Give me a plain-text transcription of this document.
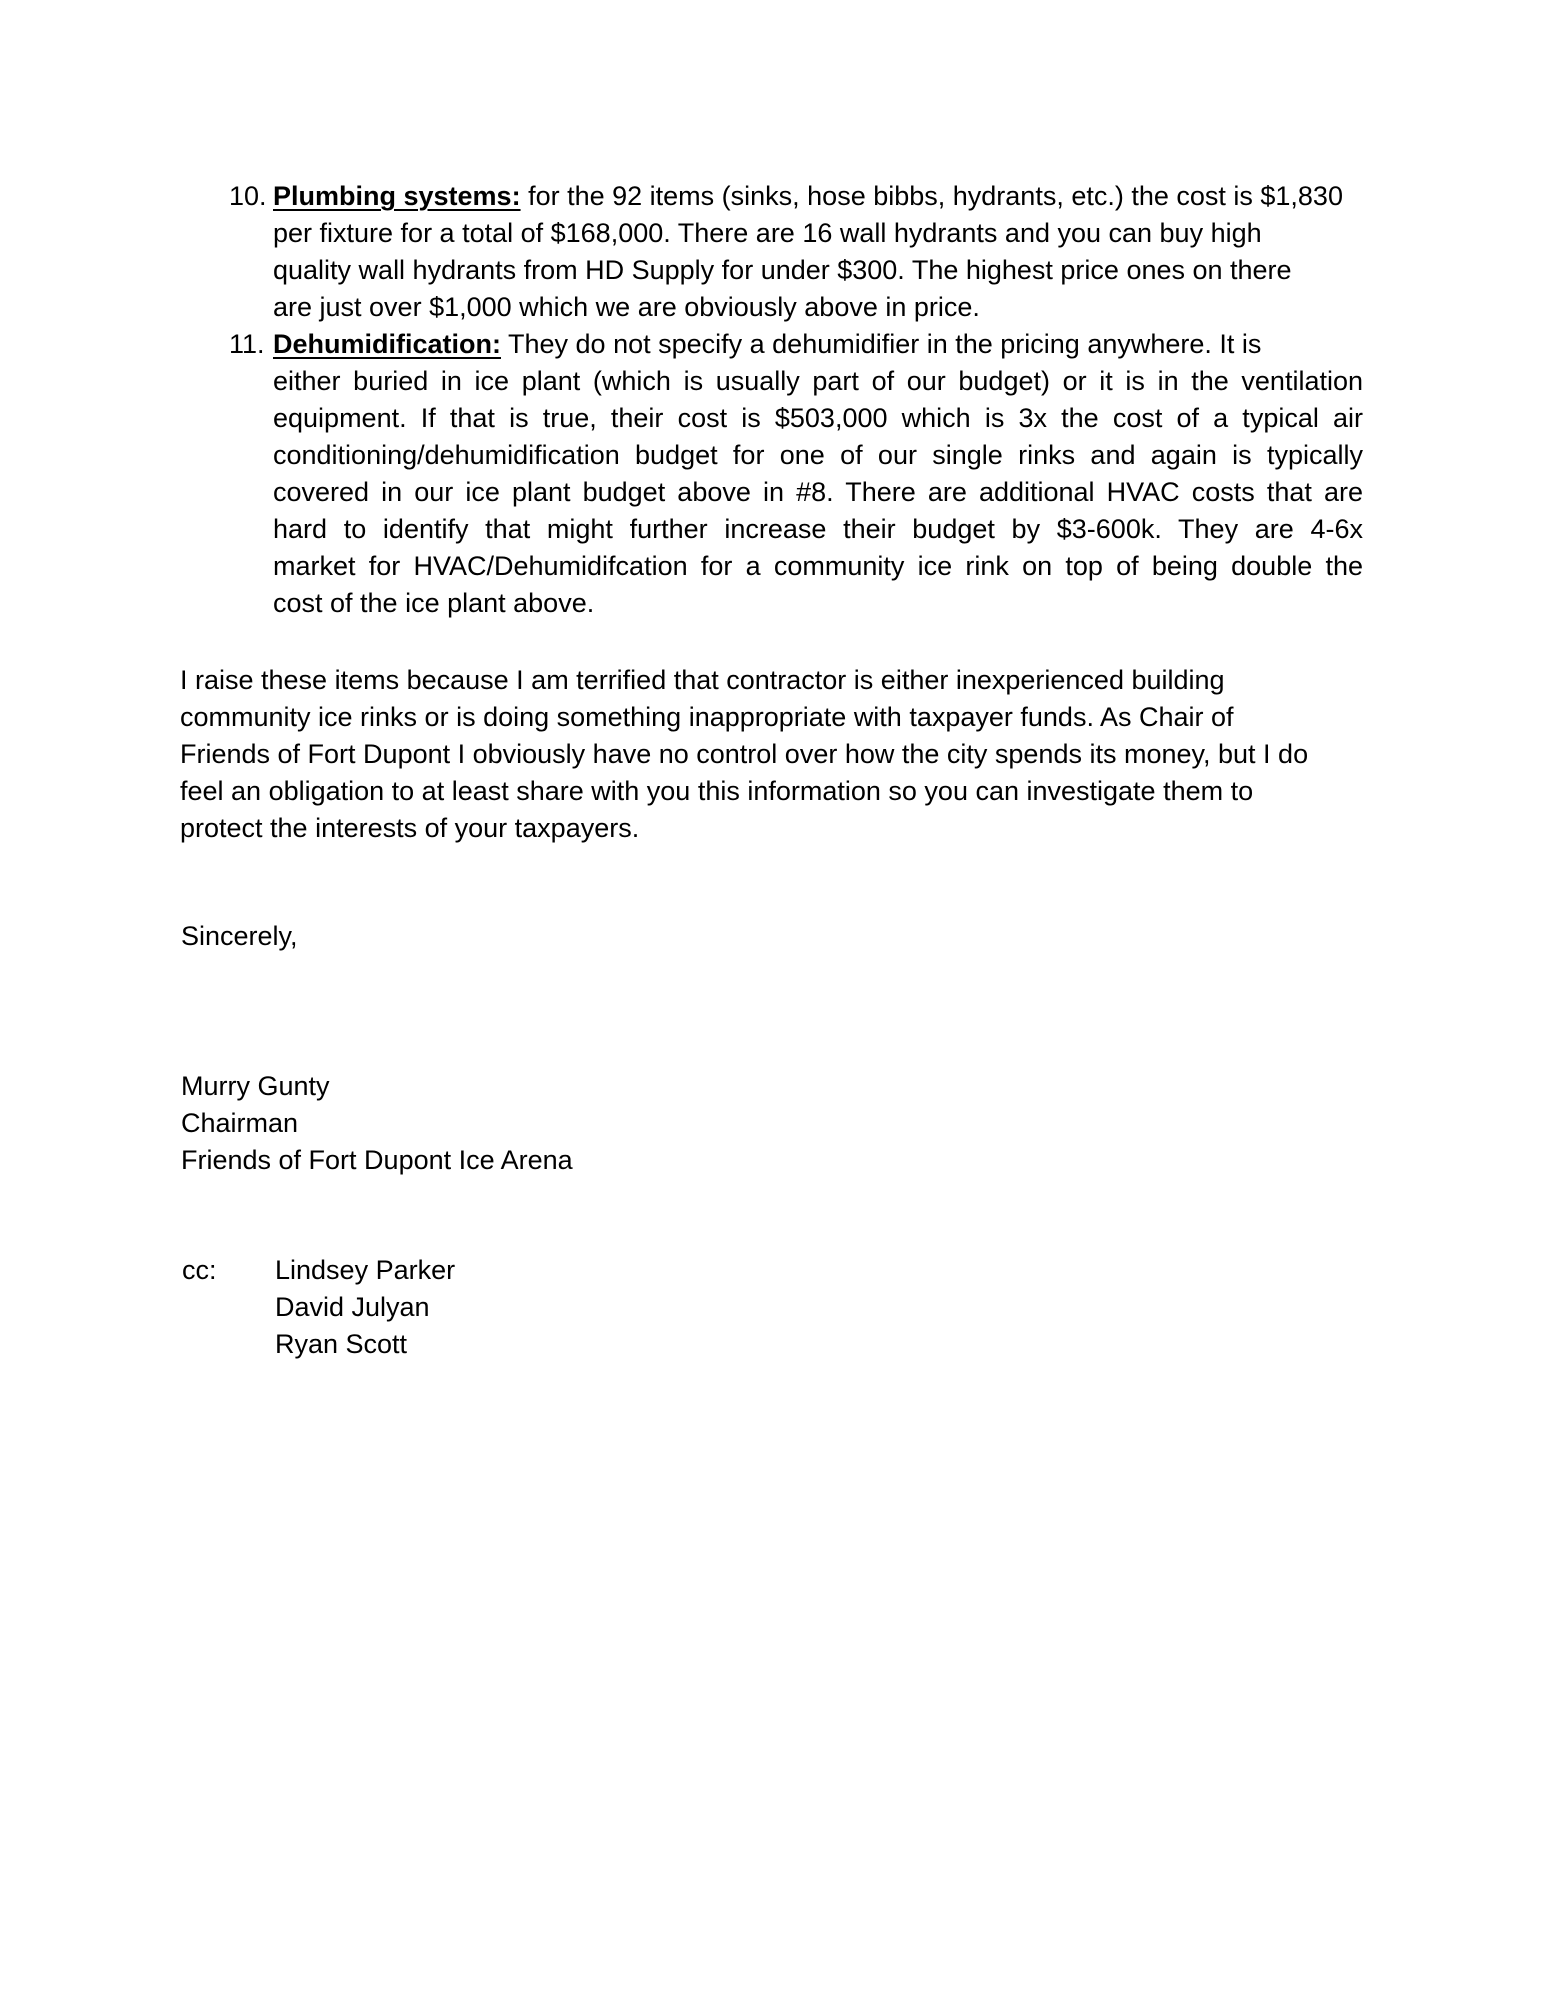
10. Plumbing systems: for the 92 items (sinks, hose bibbs, hydrants, etc.) the cost is $1,830
per fixture for a total of $168,000. There are 16 wall hydrants and you can buy high
quality wall hydrants from HD Supply for under $300. The highest price ones on there
are just over $1,000 which we are obviously above in price.
11. Dehumidification: They do not specify a dehumidifier in the pricing anywhere. It is
either buried in ice plant (which is usually part of our budget) or it is in the ventilation
equipment. If that is true, their cost is $503,000 which is 3x the cost of a typical air
conditioning/dehumidification budget for one of our single rinks and again is typically
covered in our ice plant budget above in #8. There are additional HVAC costs that are
hard to identify that might further increase their budget by $3-600k. They are 4-6x
market for HVAC/Dehumidifcation for a community ice rink on top of being double the
cost of the ice plant above.
I raise these items because I am terrified that contractor is either inexperienced building
community ice rinks or is doing something inappropriate with taxpayer funds. As Chair of
Friends of Fort Dupont I obviously have no control over how the city spends its money, but I do
feel an obligation to at least share with you this information so you can investigate them to
protect the interests of your taxpayers.
Sincerely,
Murry Gunty
Chairman
Friends of Fort Dupont Ice Arena
cc:	Lindsey Parker
David Julyan
Ryan Scott
